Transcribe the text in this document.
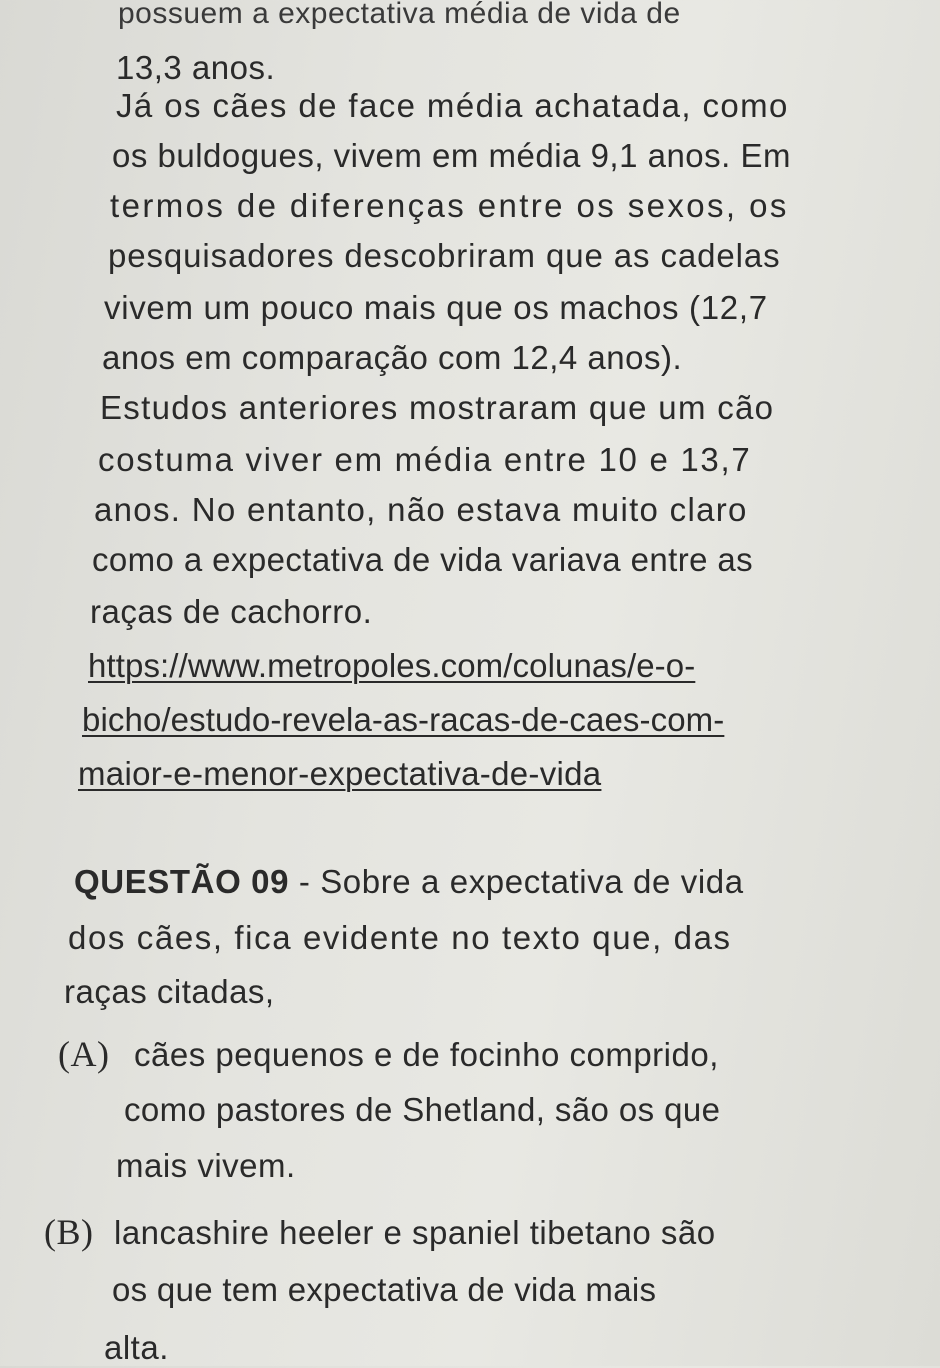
possuem a expectativa média de vida de
13,3 anos.
Já os cães de face média achatada, como
os buldogues, vivem em média 9,1 anos. Em
termos de diferenças entre os sexos, os
pesquisadores descobriram que as cadelas
vivem um pouco mais que os machos (12,7
anos em comparação com 12,4 anos).
Estudos anteriores mostraram que um cão
costuma viver em média entre 10 e 13,7
anos. No entanto, não estava muito claro
como a expectativa de vida variava entre as
raças de cachorro.
https://www.metropoles.com/colunas/e-o-
bicho/estudo-revela-as-racas-de-caes-com-
maior-e-menor-expectativa-de-vida
QUESTÃO 09 - Sobre a expectativa de vida
dos cães, fica evidente no texto que, das
raças citadas,
(A) cães pequenos e de focinho comprido,
como pastores de Shetland, são os que
mais vivem.
(B) lancashire heeler e spaniel tibetano são
os que tem expectativa de vida mais
alta.
